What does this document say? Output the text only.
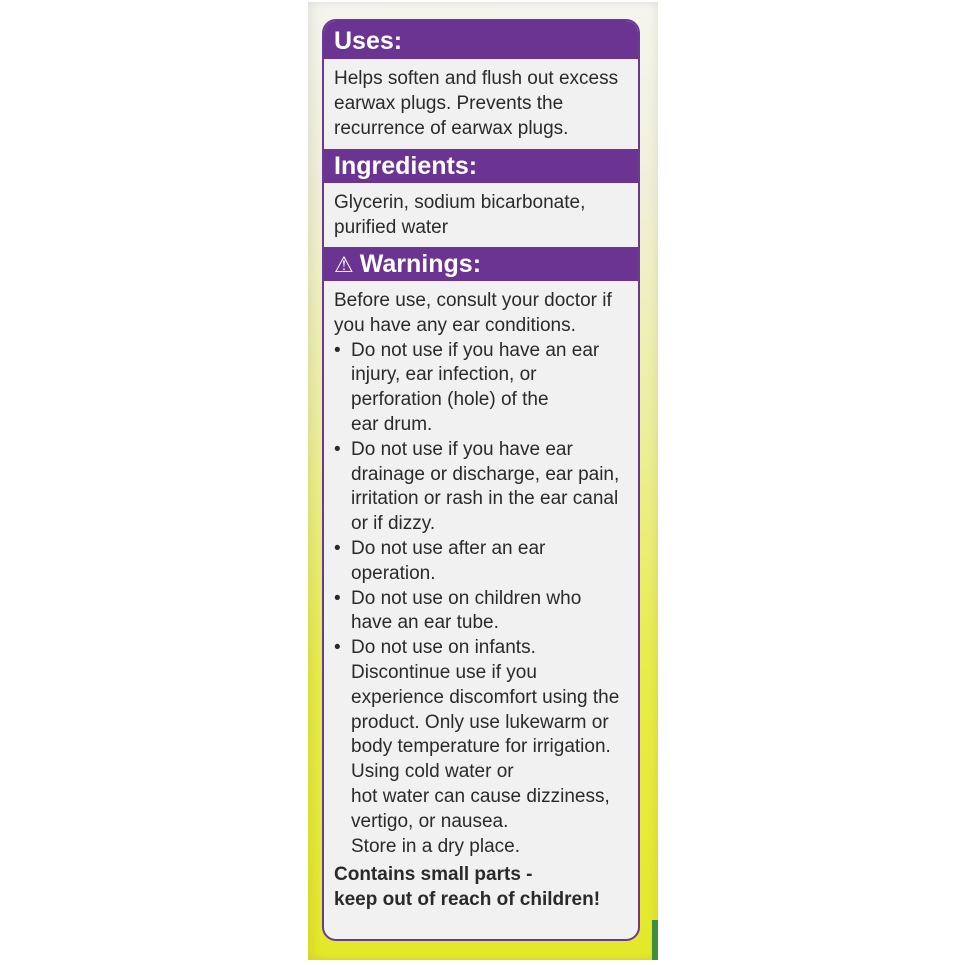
Uses:

Helps soften and flush out excess
earwax plugs. Prevents the
recurrence of earwax plugs.

Ingredients:

Glycerin, sodium bicarbonate,
purified water

⚠ Warnings:
Before use, consult your doctor if
you have any ear conditions.
• Do not use if you have an ear
injury, ear infection, or
perforation (hole) of the
ear drum.
• Do not use if you have ear
drainage or discharge, ear pain,
irritation or rash in the ear canal
or if dizzy.
• Do not use after an ear
operation.
• Do not use on children who
have an ear tube.
• Do not use on infants.
Discontinue use if you
experience discomfort using the
product. Only use lukewarm or
body temperature for irrigation.
Using cold water or
hot water can cause dizziness,
vertigo, or nausea.
Store in a dry place.
Contains small parts -
keep out of reach of children!
